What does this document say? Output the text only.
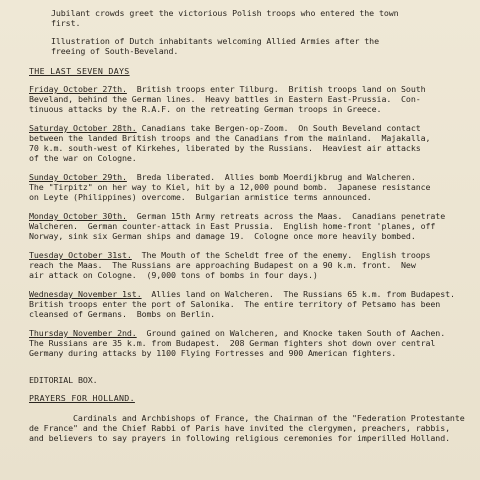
Jubilant crowds greet the victorious Polish troops who entered the town

first.

Illustration of Dutch inhabitants welcoming Allied Armies after the

freeing of South-Beveland.

THE LAST SEVEN DAYS

Friday October 27th.  British troops enter Tilburg.  British troops land on South

Beveland, behind the German lines.  Heavy battles in Eastern East-Prussia.  Con-

tinuous attacks by the R.A.F. on the retreating German troops in Greece.

Saturday October 28th. Canadians take Bergen-op-Zoom.  On South Beveland contact

between the landed British troops and the Canadians from the mainland.  Majakalla,

70 k.m. south-west of Kirkehes, liberated by the Russians.  Heaviest air attacks

of the war on Cologne.

Sunday October 29th.  Breda liberated.  Allies bomb Moerdijkbrug and Walcheren.

The "Tirpitz" on her way to Kiel, hit by a 12,000 pound bomb.  Japanese resistance

on Leyte (Philippines) overcome.  Bulgarian armistice terms announced.

Monday October 30th.  German 15th Army retreats across the Maas.  Canadians penetrate

Walcheren.  German counter-attack in East Prussia.  English home-front 'planes, off

Norway, sink six German ships and damage 19.  Cologne once more heavily bombed.

Tuesday October 31st.  The Mouth of the Scheldt free of the enemy.  English troops

reach the Maas.  The Russians are approaching Budapest on a 90 k.m. front.  New

air attack on Cologne.  (9,000 tons of bombs in four days.)

Wednesday November 1st.  Allies land on Walcheren.  The Russians 65 k.m. from Budapest.

British troops enter the port of Salonika.  The entire territory of Petsamo has been

cleansed of Germans.  Bombs on Berlin.

Thursday November 2nd.  Ground gained on Walcheren, and Knocke taken South of Aachen.

The Russians are 35 k.m. from Budapest.  208 German fighters shot down over central

Germany during attacks by 1100 Flying Fortresses and 900 American fighters.

EDITORIAL BOX.

PRAYERS FOR HOLLAND.

Cardinals and Archbishops of France, the Chairman of the "Federation Protestante

de France" and the Chief Rabbi of Paris have invited the clergymen, preachers, rabbis,

and believers to say prayers in following religious ceremonies for imperilled Holland.
